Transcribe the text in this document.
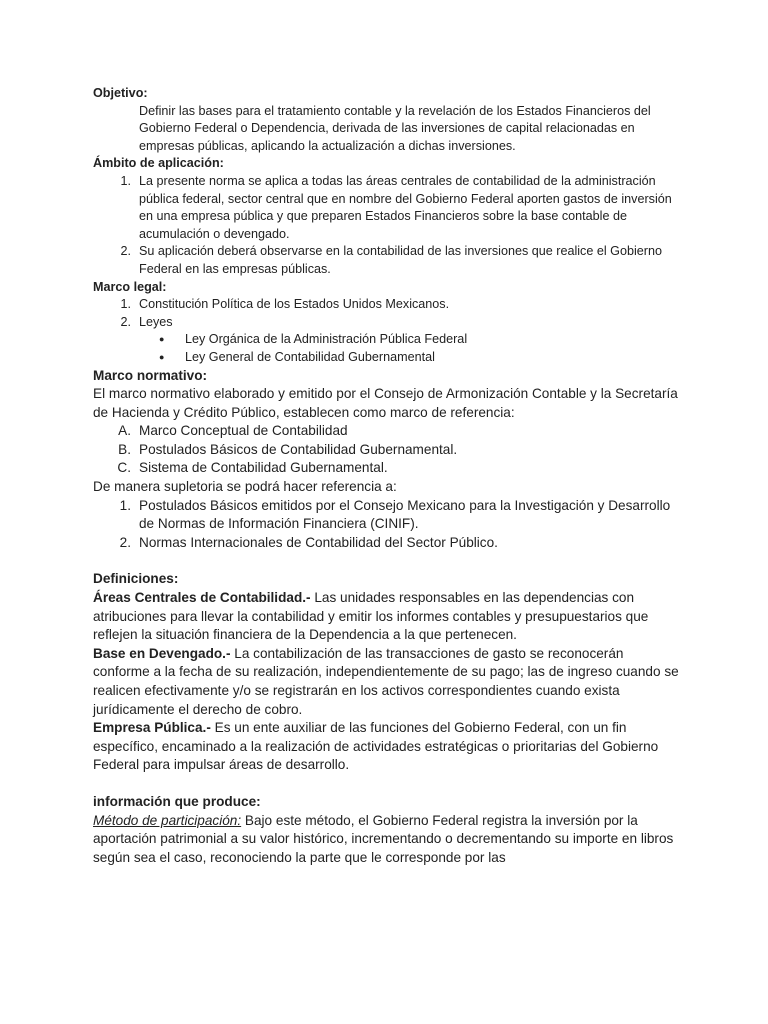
Objetivo:
Definir las bases para el tratamiento contable y la revelación de los Estados Financieros del Gobierno Federal o Dependencia, derivada de las inversiones de capital relacionadas en empresas públicas, aplicando la actualización a dichas inversiones.
Ámbito de aplicación:
1. La presente norma se aplica a todas las áreas centrales de contabilidad de la administración pública federal, sector central que en nombre del Gobierno Federal aporten gastos de inversión en una empresa pública y que preparen Estados Financieros sobre la base contable de acumulación o devengado.
2. Su aplicación deberá observarse en la contabilidad de las inversiones que realice el Gobierno Federal en las empresas públicas.
Marco legal:
1. Constitución Política de los Estados Unidos Mexicanos.
2. Leyes
●	Ley Orgánica de la Administración Pública Federal
●	Ley General de Contabilidad Gubernamental
Marco normativo:
El marco normativo elaborado y emitido por el Consejo de Armonización Contable y la Secretaría de Hacienda y Crédito Público, establecen como marco de referencia:
A. Marco Conceptual de Contabilidad
B. Postulados Básicos de Contabilidad Gubernamental.
C. Sistema de Contabilidad Gubernamental.
De manera supletoria se podrá hacer referencia a:
1. Postulados Básicos emitidos por el Consejo Mexicano para la Investigación y Desarrollo de Normas de Información Financiera (CINIF).
2. Normas Internacionales de Contabilidad del Sector Público.
Definiciones:
Áreas Centrales de Contabilidad.- Las unidades responsables en las dependencias con atribuciones para llevar la contabilidad y emitir los informes contables y presupuestarios que reflejen la situación financiera de la Dependencia a la que pertenecen.
Base en Devengado.- La contabilización de las transacciones de gasto se reconocerán conforme a la fecha de su realización, independientemente de su pago; las de ingreso cuando se realicen efectivamente y/o se registrarán en los activos correspondientes cuando exista jurídicamente el derecho de cobro.
Empresa Pública.- Es un ente auxiliar de las funciones del Gobierno Federal, con un fin específico, encaminado a la realización de actividades estratégicas o prioritarias del Gobierno Federal para impulsar áreas de desarrollo.
información que produce:
Método de participación: Bajo este método, el Gobierno Federal registra la inversión por la aportación patrimonial a su valor histórico, incrementando o decrementando su importe en libros según sea el caso, reconociendo la parte que le corresponde por las
